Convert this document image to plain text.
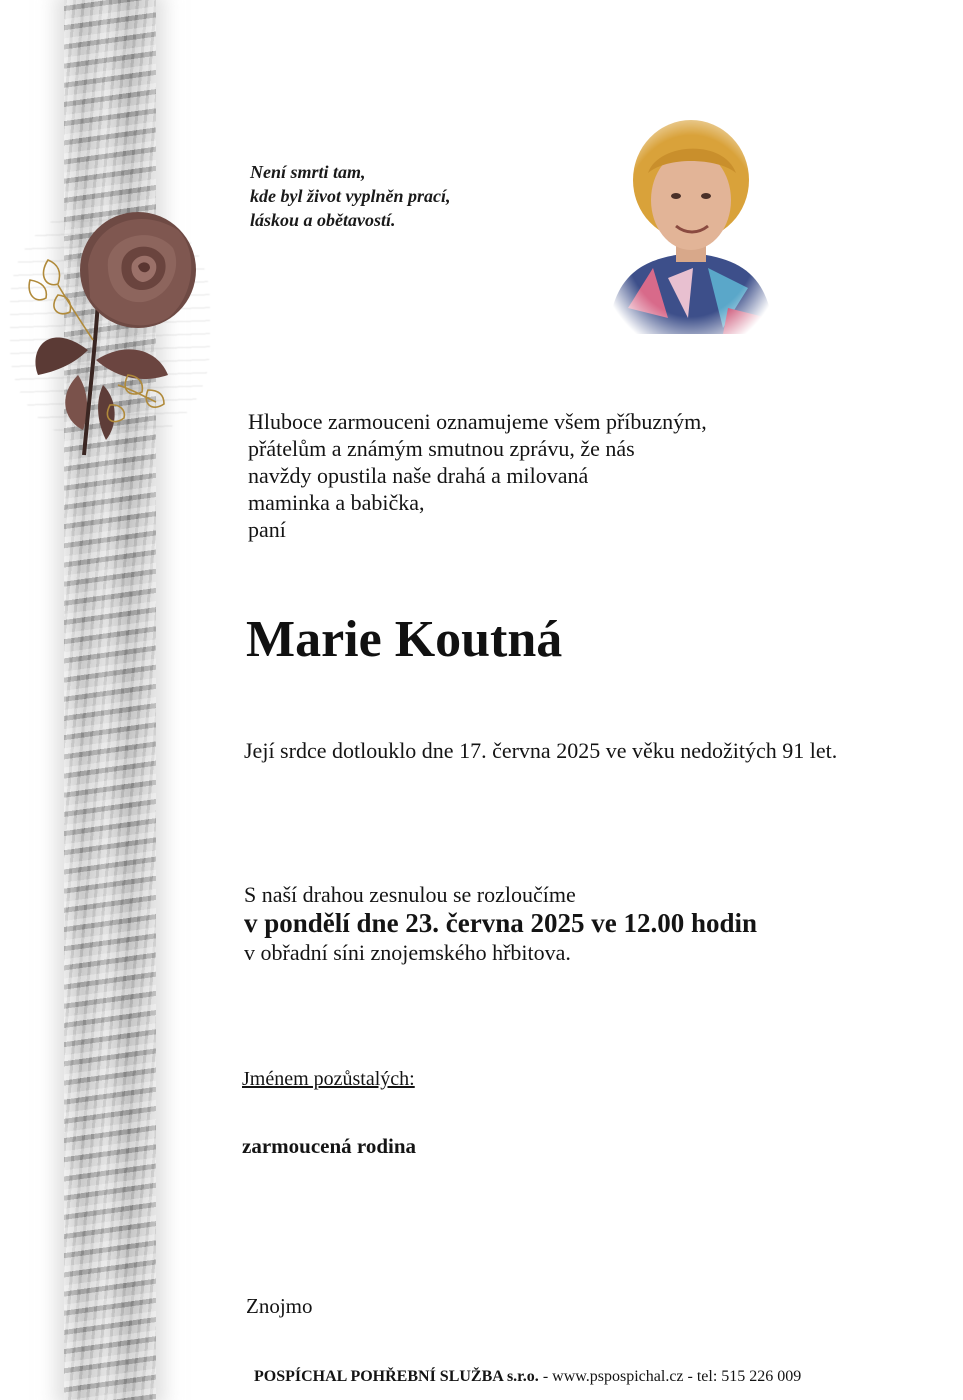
Není smrti tam,
kde byl život vyplněn prací,
láskou a obětavostí.
Hluboce zarmouceni oznamujeme všem příbuzným,
přátelům a známým smutnou zprávu, že nás
navždy opustila naše drahá a milovaná
maminka a babička,
paní
Marie Koutná
Její srdce dotlouklo dne 17. června 2025 ve věku nedožitých 91 let.
S naší drahou zesnulou se rozloučíme
v pondělí dne 23. června 2025 ve 12.00 hodin
v obřadní síni znojemského hřbitova.
Jménem pozůstalých:
zarmoucená rodina
Znojmo
POSPÍCHAL POHŘEBNÍ SLUŽBA s.r.o. - www.pspospichal.cz - tel: 515 226 009
